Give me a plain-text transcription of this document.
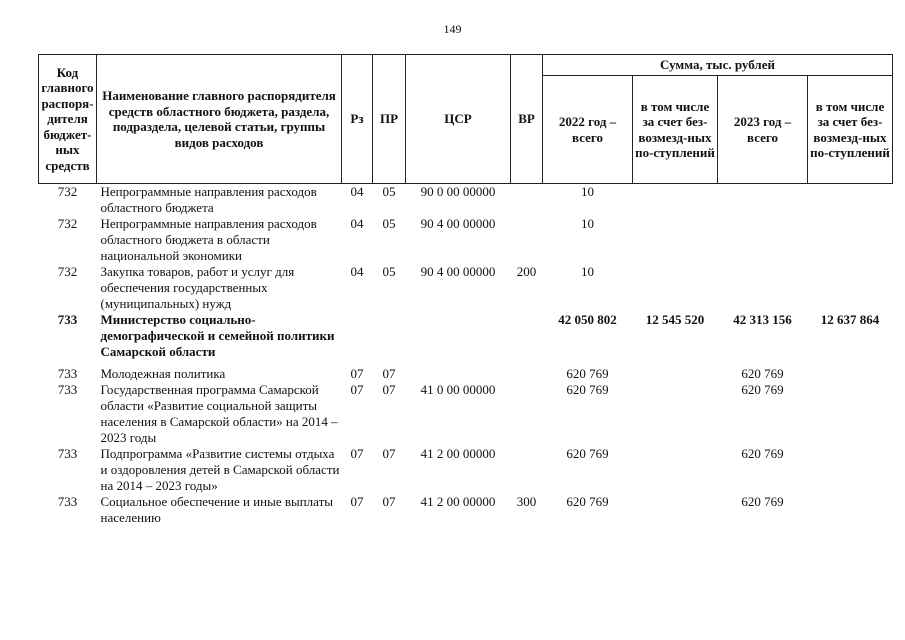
149
Код главного распоря-дителя бюджет-ных средств	Наименование главного распорядителя средств областного бюджета, раздела, подраздела, целевой статьи, группы видов расходов	Рз	ПР	ЦСР	ВР	Сумма, тыс. рублей			
						2022 год – всего	в том числе за счет без-возмезд-ных по-ступлений	2023 год – всего	в том числе за счет без-возмезд-ных по-ступлений
732	Непрограммные направления расходов областного бюджета	04	05	90 0 00 00000		10			
732	Непрограммные направления расходов областного бюджета в области национальной экономики	04	05	90 4 00 00000		10			
732	Закупка товаров, работ и услуг для обеспечения государственных (муниципальных) нужд	04	05	90 4 00 00000	200	10			
733	Министерство социально-демографической и семейной политики Самарской области					42 050 802	12 545 520	42 313 156	12 637 864
733	Молодежная политика	07	07			620 769		620 769	
733	Государственная программа Самарской области «Развитие социальной защиты населения в Самарской области» на 2014 – 2023 годы	07	07	41 0 00 00000		620 769		620 769	
733	Подпрограмма «Развитие системы отдыха и оздоровления детей в Самарской области на 2014 – 2023 годы»	07	07	41 2 00 00000		620 769		620 769	
733	Социальное обеспечение и иные выплаты населению	07	07	41 2 00 00000	300	620 769		620 769	
